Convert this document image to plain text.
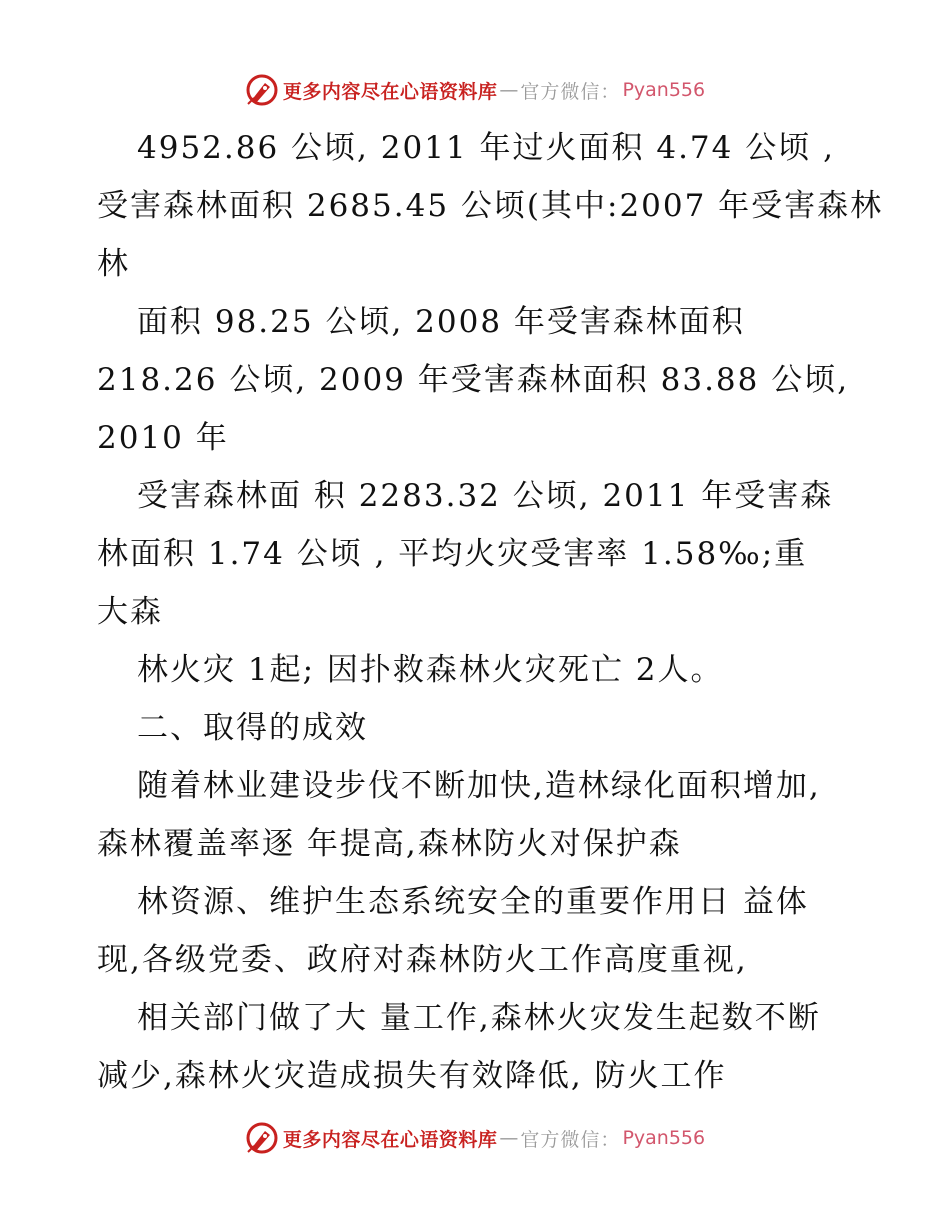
更多内容尽在心语资料库 — 官方微信： Pyan556
4952.86 公顷, 2011 年过火面积 4.74 公顷 ,
受害森林面积 2685.45 公顷(其中:2007 年受害森林
林
面积 98.25 公顷, 2008 年受害森林面积
218.26 公顷, 2009 年受害森林面积 83.88 公顷,
2010 年
受害森林面 积 2283.32 公顷, 2011 年受害森
林面积 1.74 公顷 , 平均火灾受害率 1.58‰;重
大森
林火灾 1起; 因扑救森林火灾死亡 2人。
二、取得的成效
随着林业建设步伐不断加快,造林绿化面积增加,
森林覆盖率逐 年提高,森林防火对保护森
林资源、维护生态系统安全的重要作用日 益体
现,各级党委、政府对森林防火工作高度重视,
相关部门做了大 量工作,森林火灾发生起数不断
减少,森林火灾造成损失有效降低, 防火工作
更多内容尽在心语资料库 — 官方微信： Pyan556
